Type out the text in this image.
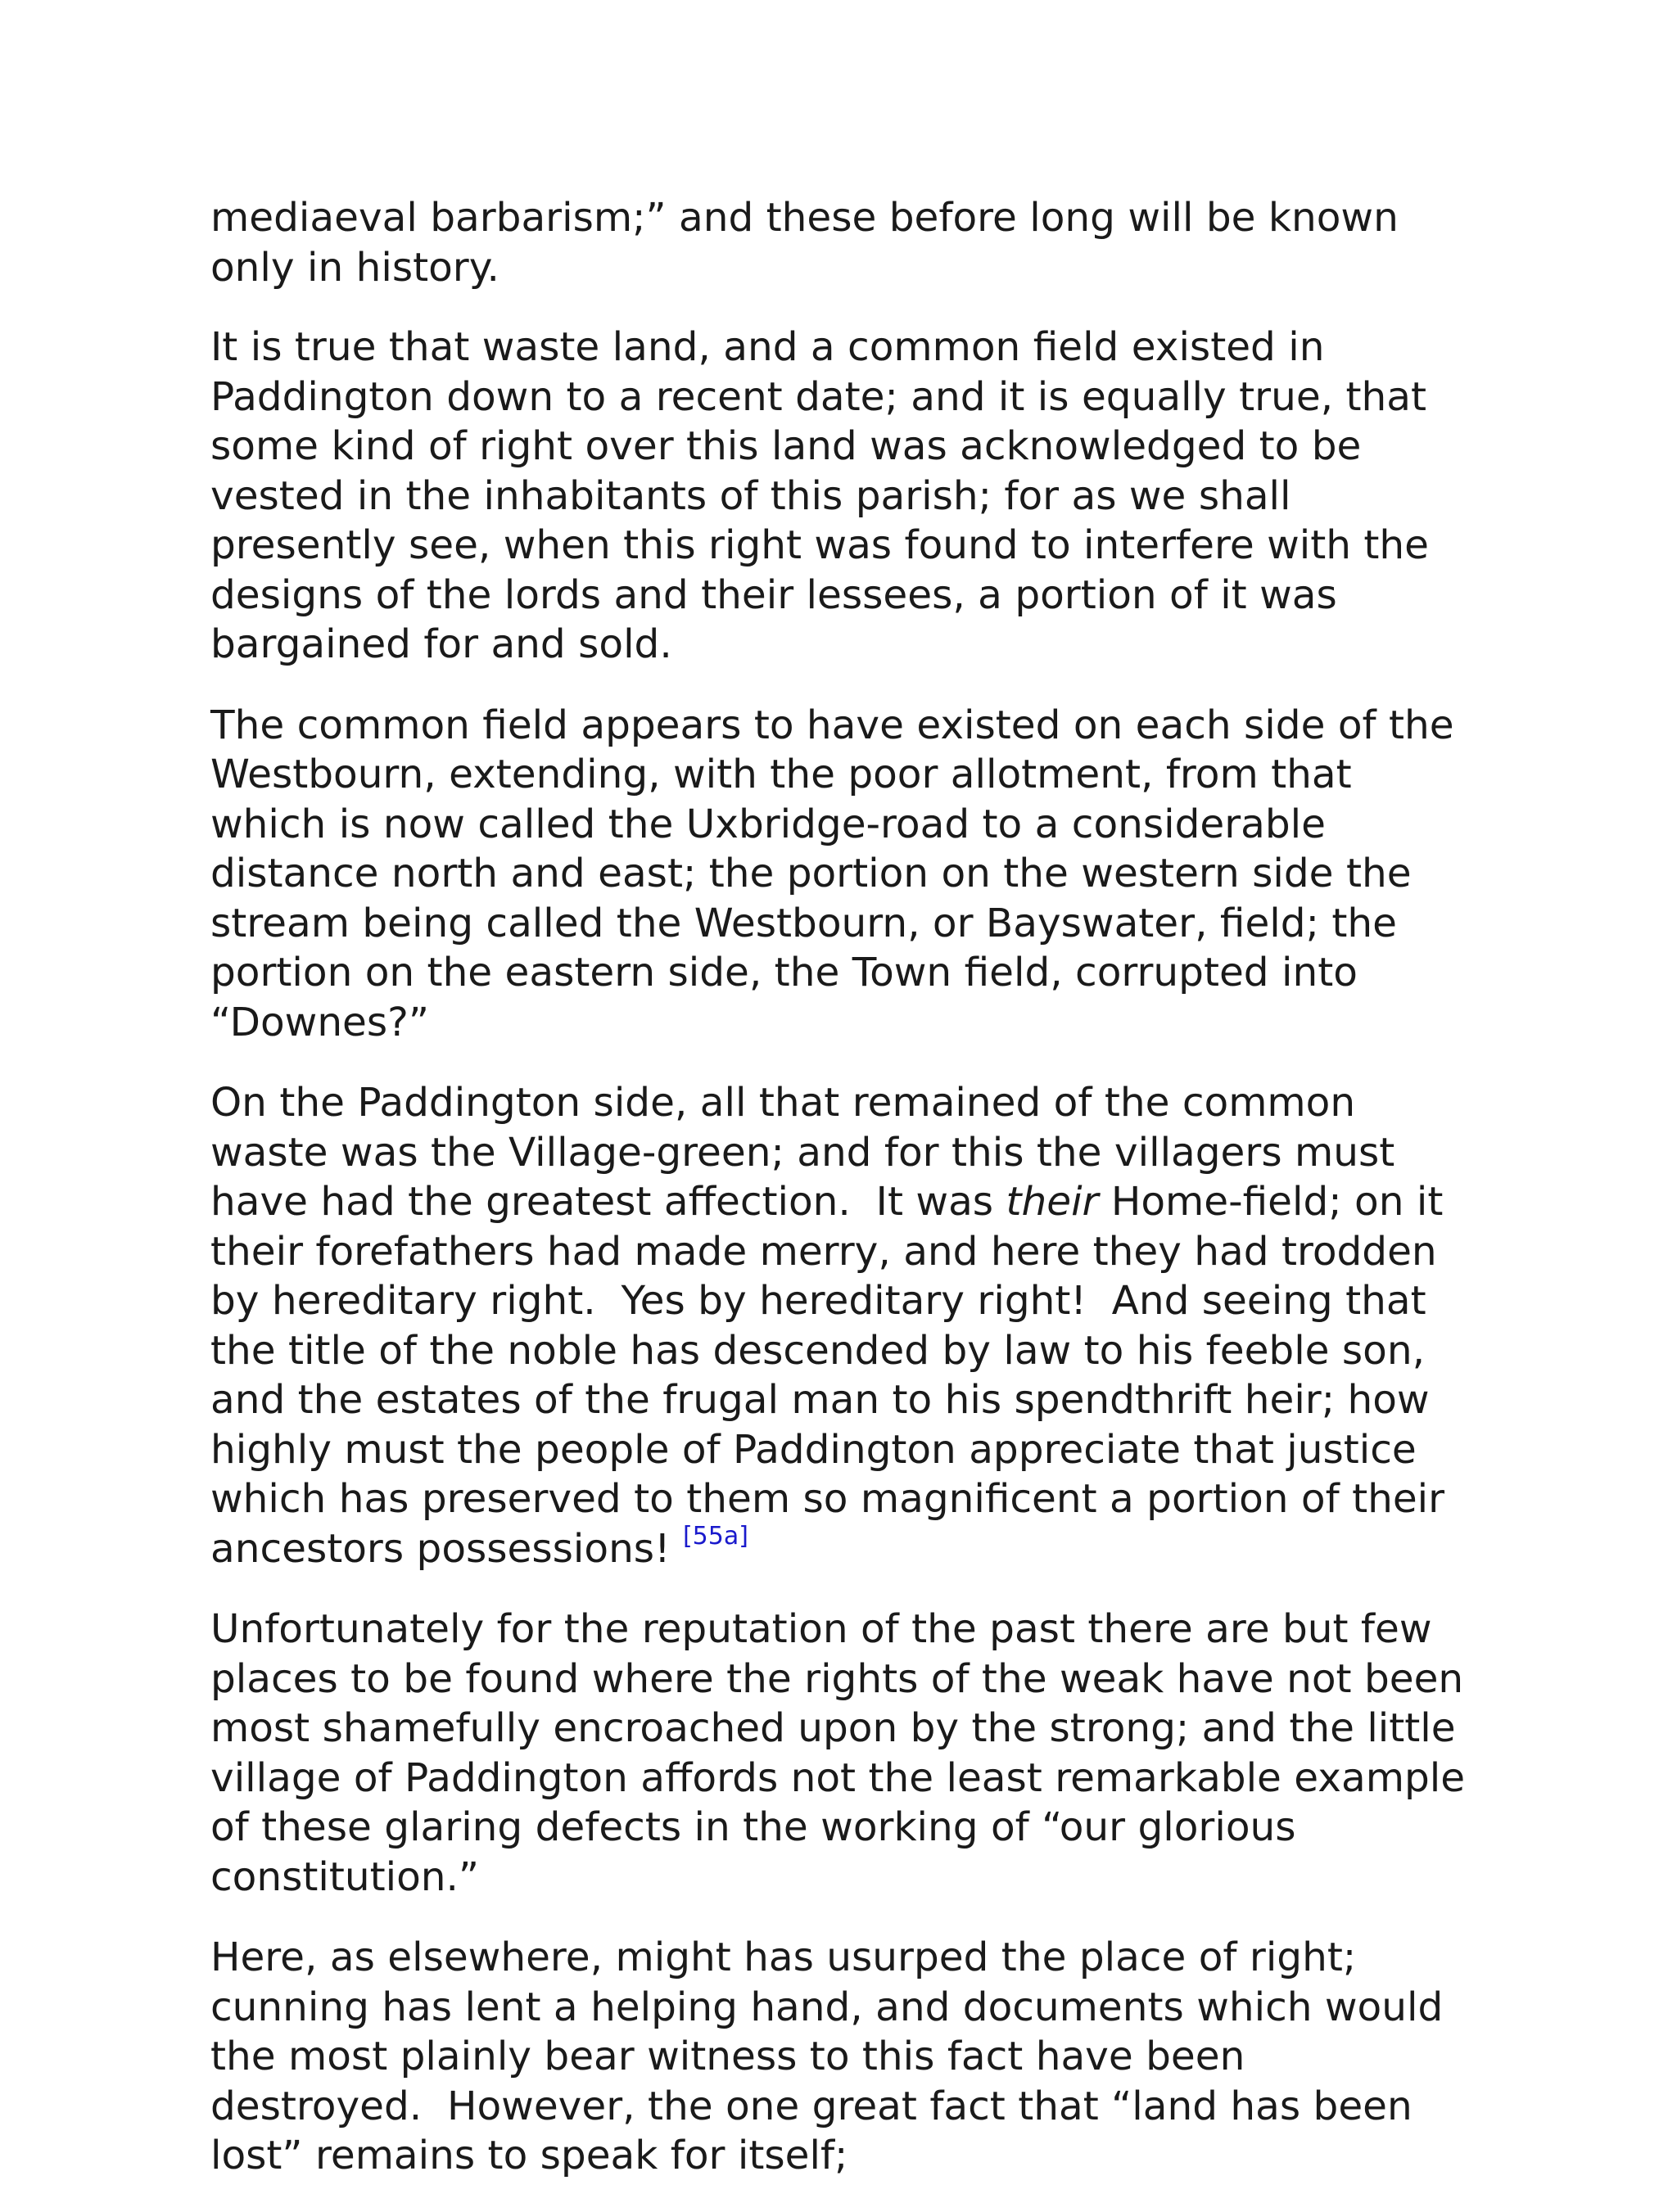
mediaeval barbarism;” and these before long will be known only in history.

It is true that waste land, and a common field existed in Paddington down to a recent date; and it is equally true, that some kind of right over this land was acknowledged to be vested in the inhabitants of this parish; for as we shall presently see, when this right was found to interfere with the designs of the lords and their lessees, a portion of it was bargained for and sold.

The common field appears to have existed on each side of the Westbourn, extending, with the poor allotment, from that which is now called the Uxbridge-road to a considerable distance north and east; the portion on the western side the stream being called the Westbourn, or Bayswater, field; the portion on the eastern side, the Town field, corrupted into “Downes?”

On the Paddington side, all that remained of the common waste was the Village-green; and for this the villagers must have had the greatest affection.  It was their Home-field; on it their forefathers had made merry, and here they had trodden by hereditary right.  Yes by hereditary right!  And seeing that the title of the noble has descended by law to his feeble son, and the estates of the frugal man to his spendthrift heir; how highly must the people of Paddington appreciate that justice which has preserved to them so magnificent a portion of their ancestors possessions! [55a]

Unfortunately for the reputation of the past there are but few places to be found where the rights of the weak have not been most shamefully encroached upon by the strong; and the little village of Paddington affords not the least remarkable example of these glaring defects in the working of “our glorious constitution.”

Here, as elsewhere, might has usurped the place of right; cunning has lent a helping hand, and documents which would the most plainly bear witness to this fact have been destroyed.  However, the one great fact that “land has been lost” remains to speak for itself;
